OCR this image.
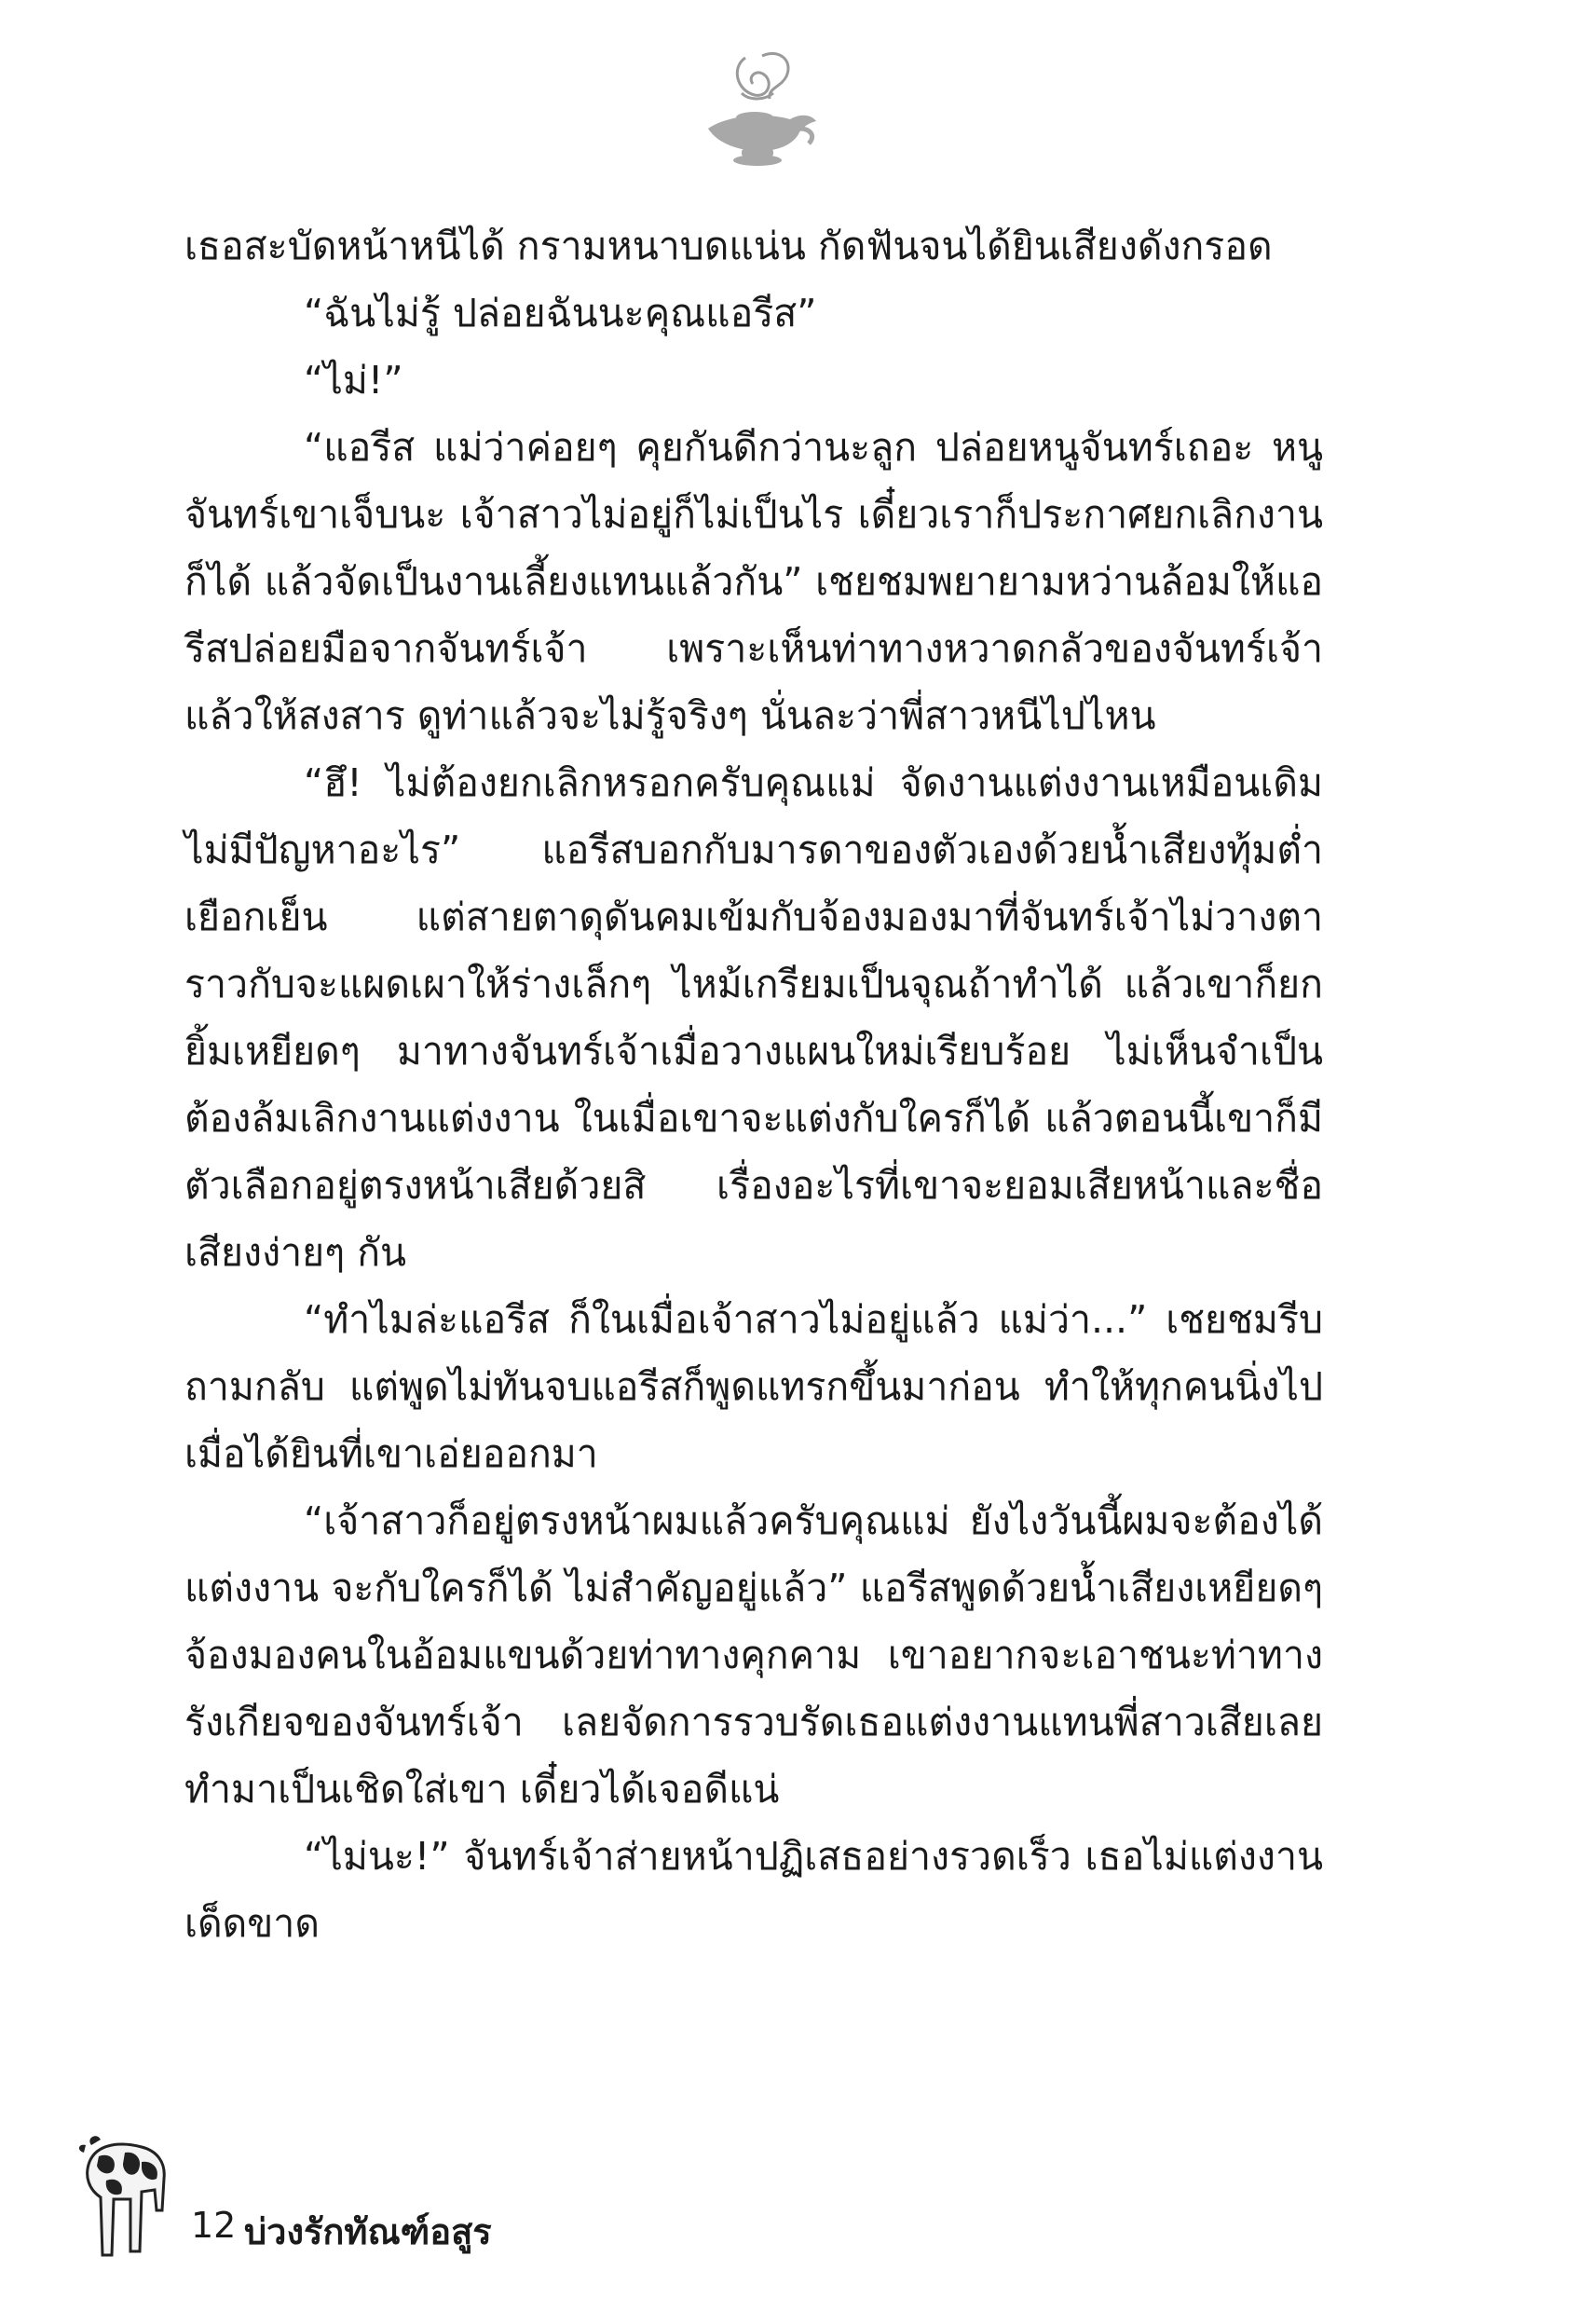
เธอสะบัดหน้าหนีได้ กรามหนาบดแน่น กัดฟันจนได้ยินเสียงดังกรอด

“ฉันไม่รู้ ปล่อยฉันนะคุณแอรีส”

“ไม่!”

“แอรีส แม่ว่าค่อยๆ คุยกันดีกว่านะลูก ปล่อยหนูจันทร์เถอะ หนูจันทร์เขาเจ็บนะ เจ้าสาวไม่อยู่ก็ไม่เป็นไร เดี๋ยวเราก็ประกาศยกเลิกงานก็ได้ แล้วจัดเป็นงานเลี้ยงแทนแล้วกัน” เชยชมพยายามหว่านล้อมให้แอรีสปล่อยมือจากจันทร์เจ้า เพราะเห็นท่าทางหวาดกลัวของจันทร์เจ้าแล้วให้สงสาร ดูท่าแล้วจะไม่รู้จริงๆ นั่นละว่าพี่สาวหนีไปไหน

“ฮึ! ไม่ต้องยกเลิกหรอกครับคุณแม่ จัดงานแต่งงานเหมือนเดิมไม่มีปัญหาอะไร” แอรีสบอกกับมารดาของตัวเองด้วยน้ำเสียงทุ้มต่ำเยือกเย็น แต่สายตาดุดันคมเข้มกับจ้องมองมาที่จันทร์เจ้าไม่วางตาราวกับจะแผดเผาให้ร่างเล็กๆ ไหม้เกรียมเป็นจุณถ้าทำได้ แล้วเขาก็ยกยิ้มเหยียดๆ มาทางจันทร์เจ้าเมื่อวางแผนใหม่เรียบร้อย ไม่เห็นจำเป็นต้องล้มเลิกงานแต่งงาน ในเมื่อเขาจะแต่งกับใครก็ได้ แล้วตอนนี้เขาก็มีตัวเลือกอยู่ตรงหน้าเสียด้วยสิ เรื่องอะไรที่เขาจะยอมเสียหน้าและชื่อเสียงง่ายๆ กัน

“ทำไมล่ะแอรีส ก็ในเมื่อเจ้าสาวไม่อยู่แล้ว แม่ว่า...” เชยชมรีบถามกลับ แต่พูดไม่ทันจบแอรีสก็พูดแทรกขึ้นมาก่อน ทำให้ทุกคนนิ่งไปเมื่อได้ยินที่เขาเอ่ยออกมา

“เจ้าสาวก็อยู่ตรงหน้าผมแล้วครับคุณแม่ ยังไงวันนี้ผมจะต้องได้แต่งงาน จะกับใครก็ได้ ไม่สำคัญอยู่แล้ว” แอรีสพูดด้วยน้ำเสียงเหยียดๆ จ้องมองคนในอ้อมแขนด้วยท่าทางคุกคาม เขาอยากจะเอาชนะท่าทางรังเกียจของจันทร์เจ้า เลยจัดการรวบรัดเธอแต่งงานแทนพี่สาวเสียเลย ทำมาเป็นเชิดใส่เขา เดี๋ยวได้เจอดีแน่

“ไม่นะ!” จันทร์เจ้าส่ายหน้าปฏิเสธอย่างรวดเร็ว เธอไม่แต่งงานเด็ดขาด

12 บ่วงรักทัณฑ์อสูร
